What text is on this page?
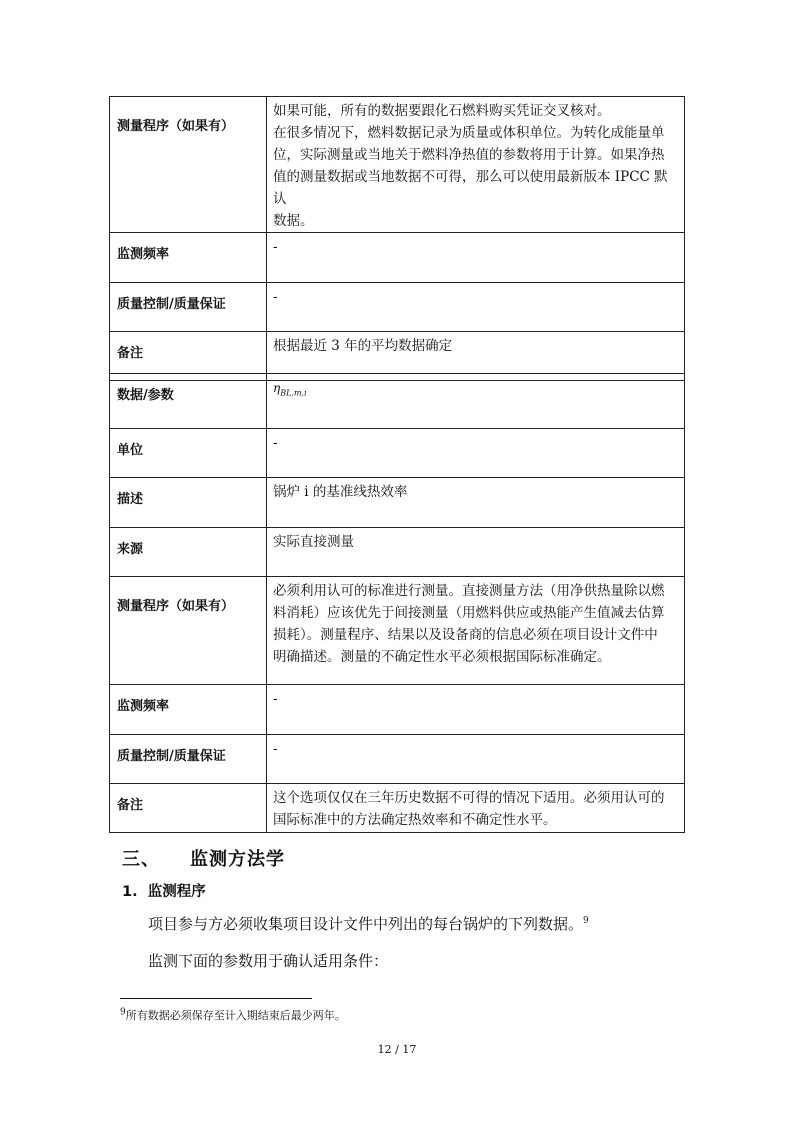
测量程序（如果有）	如果可能，所有的数据要跟化石燃料购买凭证交叉核对。
在很多情况下，燃料数据记录为质量或体积单位。为转化成能量单
位，实际测量或当地关于燃料净热值的参数将用于计算。如果净热
值的测量数据或当地数据不可得，那么可以使用最新版本 IPCC 默认
数据。

监测频率	-

质量控制/质量保证	-

备注	根据最近 3 年的平均数据确定
数据/参数	$\eta_{BL,m,i}$

单位	-

描述	锅炉 i 的基准线热效率

来源	实际直接测量

测量程序（如果有）	必须利用认可的标准进行测量。直接测量方法（用净供热量除以燃
料消耗）应该优先于间接测量（用燃料供应或热能产生值减去估算
损耗）。测量程序、结果以及设备商的信息必须在项目设计文件中
明确描述。测量的不确定性水平必须根据国际标准确定。

监测频率	-

质量控制/质量保证	-

备注	这个选项仅仅在三年历史数据不可得的情况下适用。必须用认可的
国际标准中的方法确定热效率和不确定性水平。
三、 监测方法学
1. 监测程序
项目参与方必须收集项目设计文件中列出的每台锅炉的下列数据。$^9$
监测下面的参数用于确认适用条件：
$^9$所有数据必须保存至计入期结束后最少两年。
12 / 17
